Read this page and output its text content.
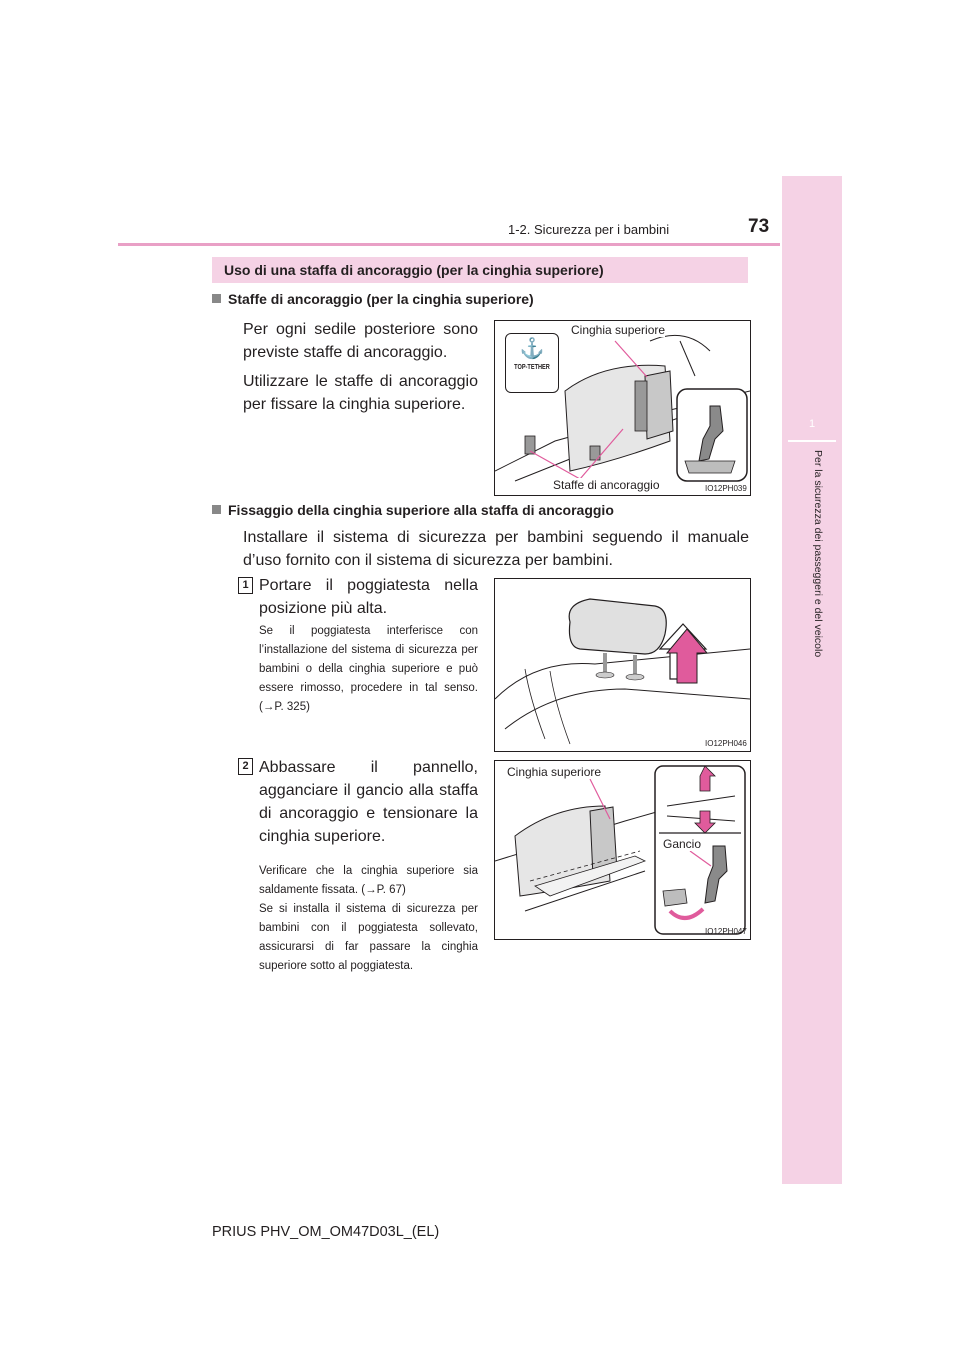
1-2. Sicurezza per i bambini	73
1
Per la sicurezza dei passeggeri e del veicolo
Uso di una staffa di ancoraggio (per la cinghia superiore)
Staffe di ancoraggio (per la cinghia superiore)
Per ogni sedile posteriore sono previste staffe di ancoraggio.
Utilizzare le staffe di ancoraggio per fissare la cinghia superiore.
⚓
TOP-TETHER
Cinghia superiore
Staffe di ancoraggio	IO12PH039
Fissaggio della cinghia superiore alla staffa di ancoraggio
Installare il sistema di sicurezza per bambini seguendo il manuale d’uso fornito con il sistema di sicurezza per bambini.
1 Portare il poggiatesta nella posizione più alta.
Se il poggiatesta interferisce con l’installazione del sistema di sicurezza per bambini o della cinghia superiore e può essere rimosso, procedere in tal senso. (→P. 325)
IO12PH046
2 Abbassare il pannello, agganciare il gancio alla staffa di ancoraggio e tensionare la cinghia superiore.
Verificare che la cinghia superiore sia saldamente fissata. (→P. 67)
Se si installa il sistema di sicurezza per bambini con il poggiatesta sollevato, assicurarsi di far passare la cinghia superiore sotto al poggiatesta.
Cinghia superiore
Gancio
IO12PH047
PRIUS PHV_OM_OM47D03L_(EL)
